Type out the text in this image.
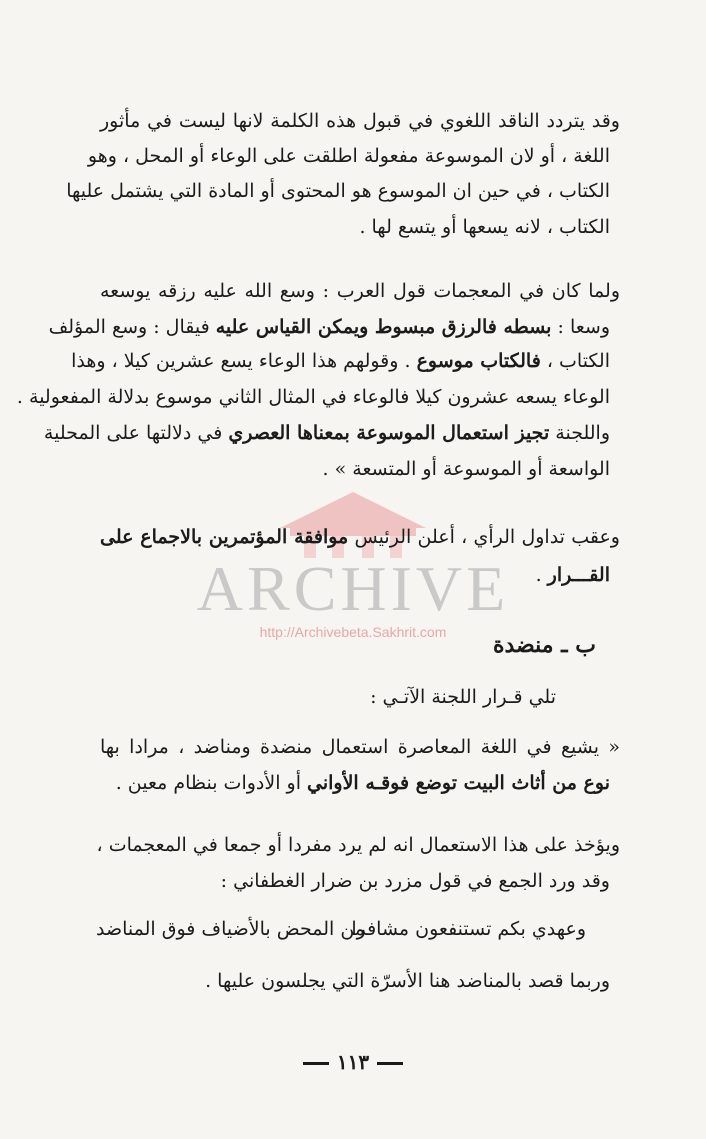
ARCHIVE
http://Archivebeta.Sakhrit.com
وقد يتردد الناقد اللغوي في قبول هذه الكلمة لانها ليست في مأثور
اللغة ، أو لان الموسوعة مفعولة اطلقت على الوعاء أو المحل ، وهو
الكتاب ، في حين ان الموسوع هو المحتوى أو المادة التي يشتمل عليها
الكتاب ، لانه يسعها أو يتسع لها .
ولما كان في المعجمات قول العرب : وسع الله عليه رزقه يوسعه
وسعا : بسطه فالرزق مبسوط ويمكن القياس عليه فيقال : وسع المؤلف
الكتاب ، فالكتاب موسوع . وقولهم هذا الوعاء يسع عشرين كيلا ، وهذا
الوعاء يسعه عشرون كيلا فالوعاء في المثال الثاني موسوع بدلالة المفعولية .
واللجنة تجيز استعمال الموسوعة بمعناها العصري في دلالتها على المحلية
الواسعة أو الموسوعة أو المتسعة » .
وعقب تداول الرأي ، أعلن الرئيس موافقة المؤتمرين بالاجماع على
القـــرار .
ب ـ منضدة
تلي قـرار اللجنة الآتـي :
« يشيع في اللغة المعاصرة استعمال منضدة ومناضد ، مرادا بها
نوع من أثاث البيت توضع فوقـه الأواني أو الأدوات بنظام معين .
ويؤخذ على هذا الاستعمال انه لم يرد مفردا أو جمعا في المعجمات ،
وقد ورد الجمع في قول مزرد بن ضرار الغطفاني :
وعهدي بكم تستنفعون مشافرا
من المحض بالأضياف فوق المناضد
وربما قصد بالمناضد هنا الأسرّة التي يجلسون عليها .
١١٣
